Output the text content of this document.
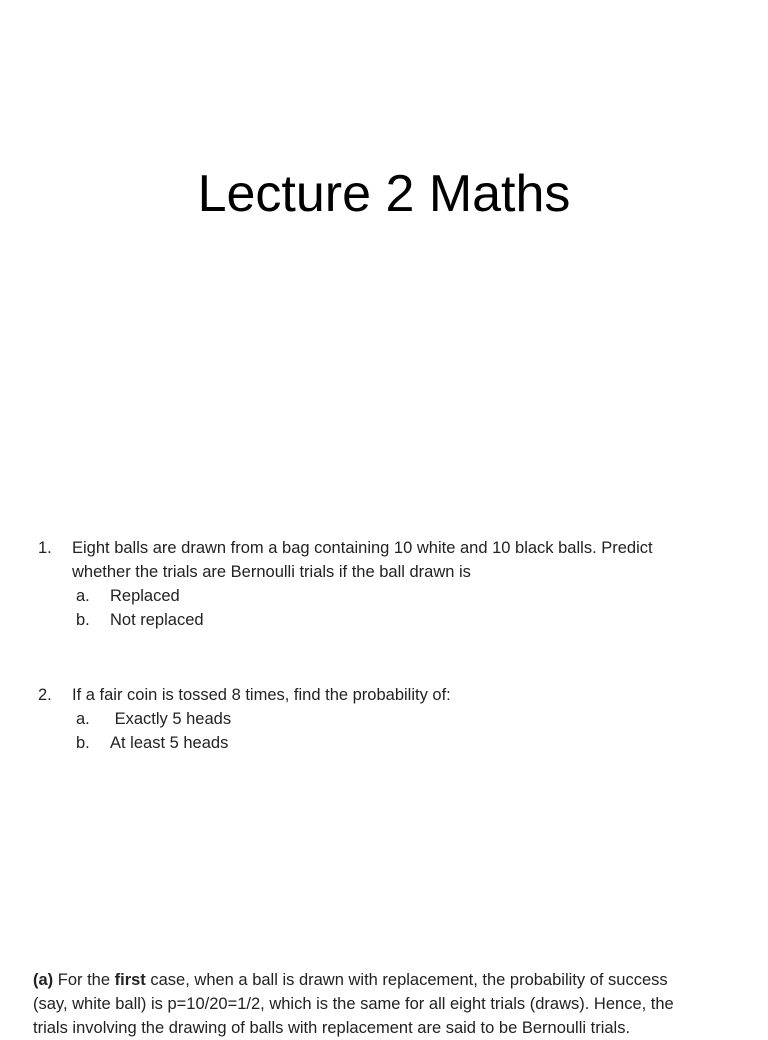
Lecture 2 Maths
1. Eight balls are drawn from a bag containing 10 white and 10 black balls. Predict
whether the trials are Bernoulli trials if the ball drawn is
a. Replaced
b. Not replaced
2. If a fair coin is tossed 8 times, find the probability of:
a. Exactly 5 heads
b. At least 5 heads
(a) For the first case, when a ball is drawn with replacement, the probability of success
(say, white ball) is p=10/20=1/2, which is the same for all eight trials (draws). Hence, the
trials involving the drawing of balls with replacement are said to be Bernoulli trials.
